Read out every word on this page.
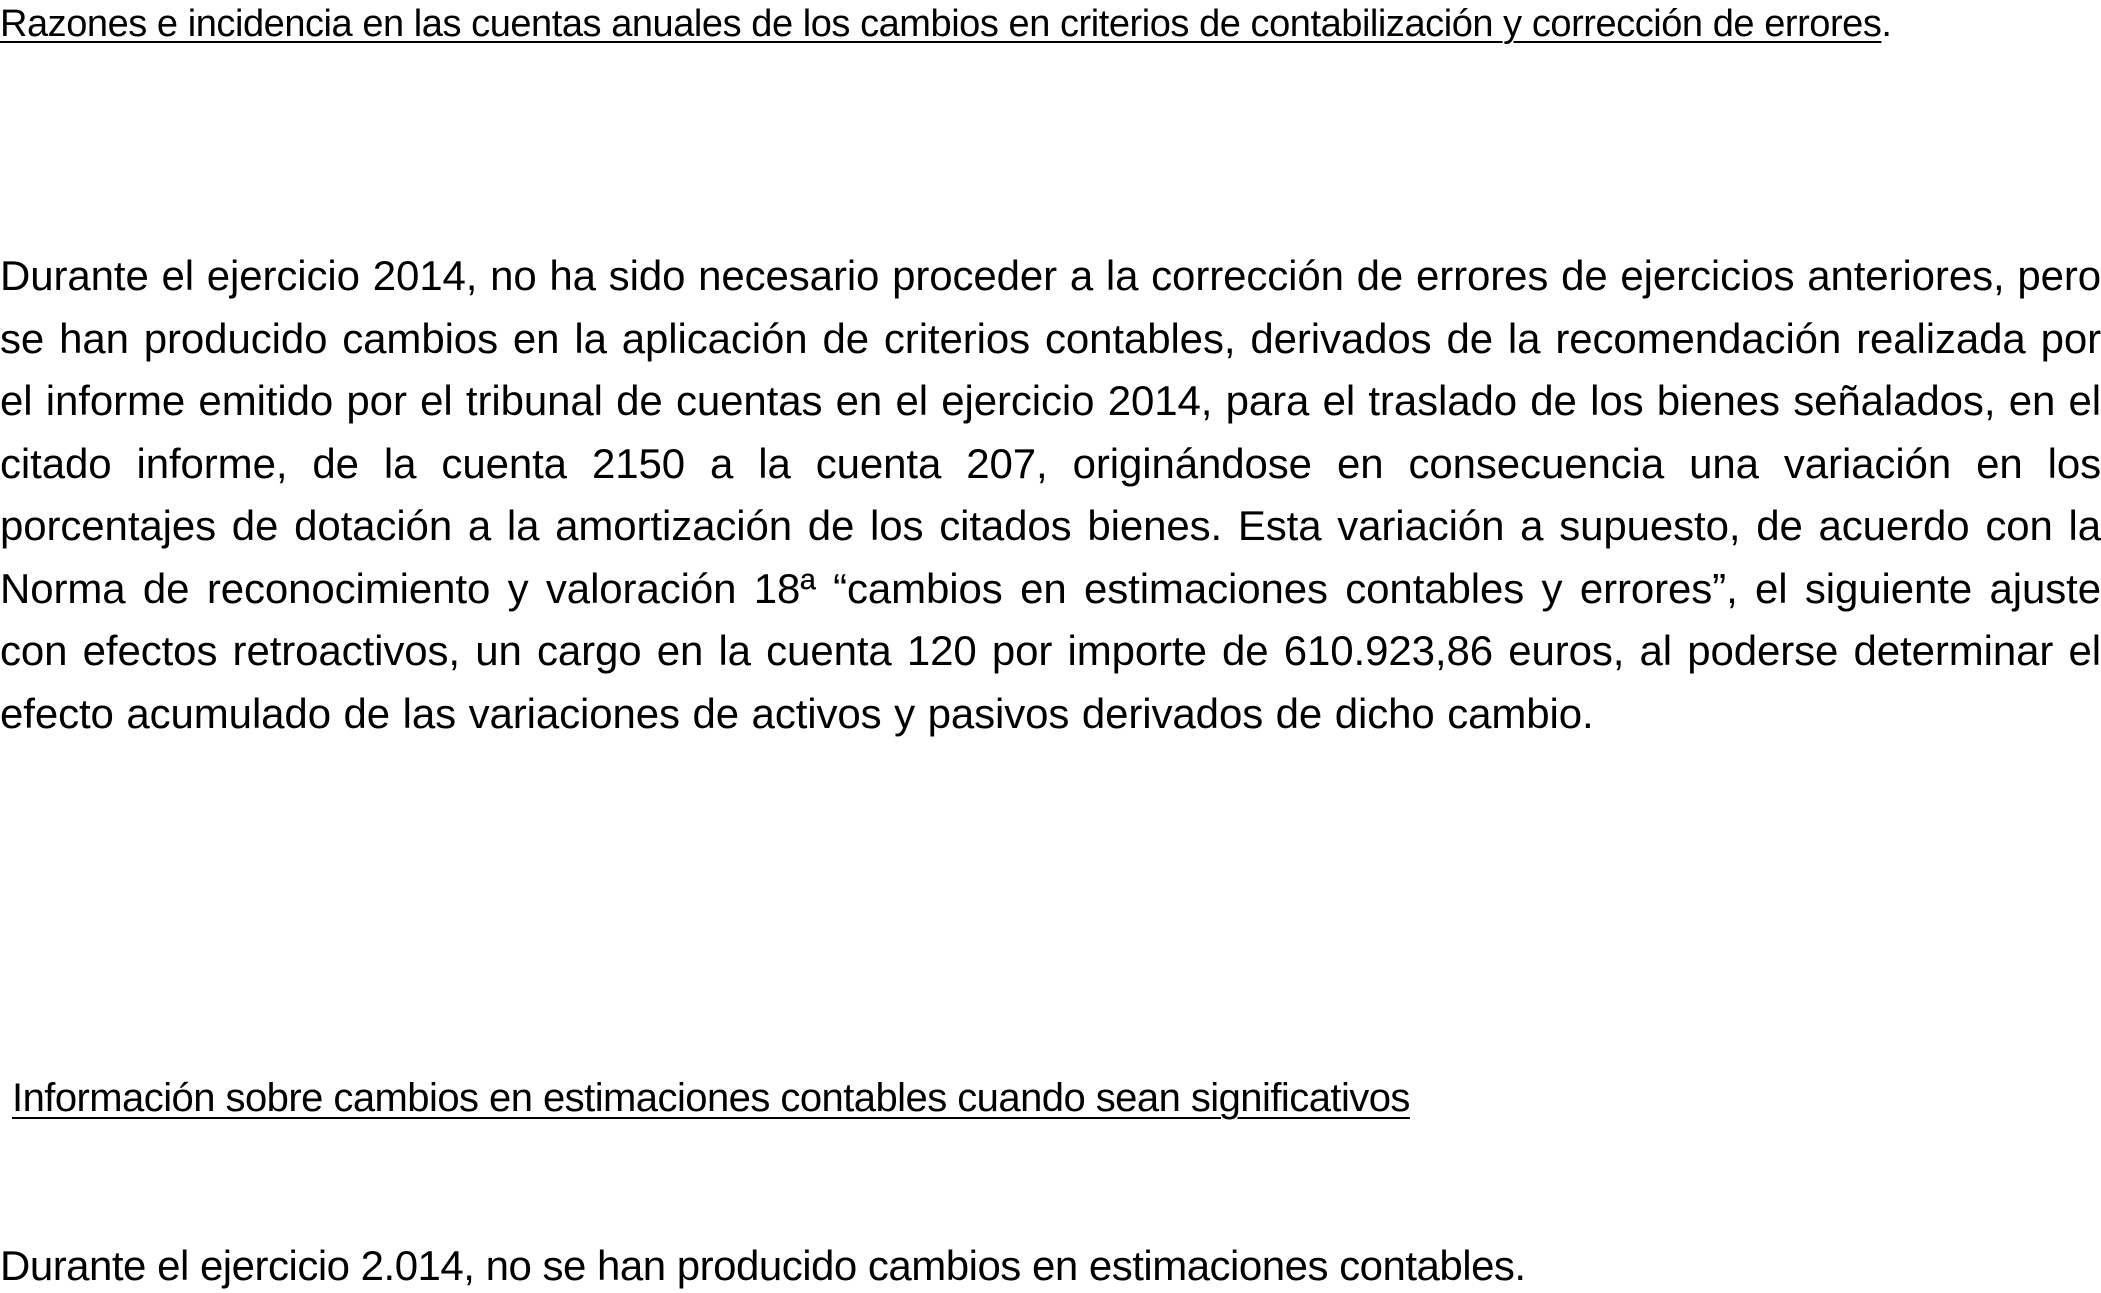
Razones e incidencia en las cuentas anuales de los cambios en criterios de contabilización y corrección de errores.
Durante el ejercicio 2014, no ha sido necesario proceder a la corrección de errores de ejercicios anteriores, pero se han producido cambios en la aplicación de criterios contables, derivados de la recomendación realizada por el informe emitido por el tribunal de cuentas en el ejercicio 2014, para el traslado de los bienes señalados, en el citado informe, de la cuenta 2150 a la cuenta 207, originándose en consecuencia una variación en los porcentajes de dotación a la amortización de los citados bienes. Esta variación a supuesto, de acuerdo con la Norma de reconocimiento y valoración 18ª “cambios en estimaciones contables y errores”, el siguiente ajuste con efectos retroactivos, un cargo en la cuenta 120 por importe de 610.923,86 euros, al poderse determinar el efecto acumulado de las variaciones de activos y pasivos derivados de dicho cambio.
Información sobre cambios en estimaciones contables cuando sean significativos
Durante el ejercicio 2.014, no se han producido cambios en estimaciones contables.
